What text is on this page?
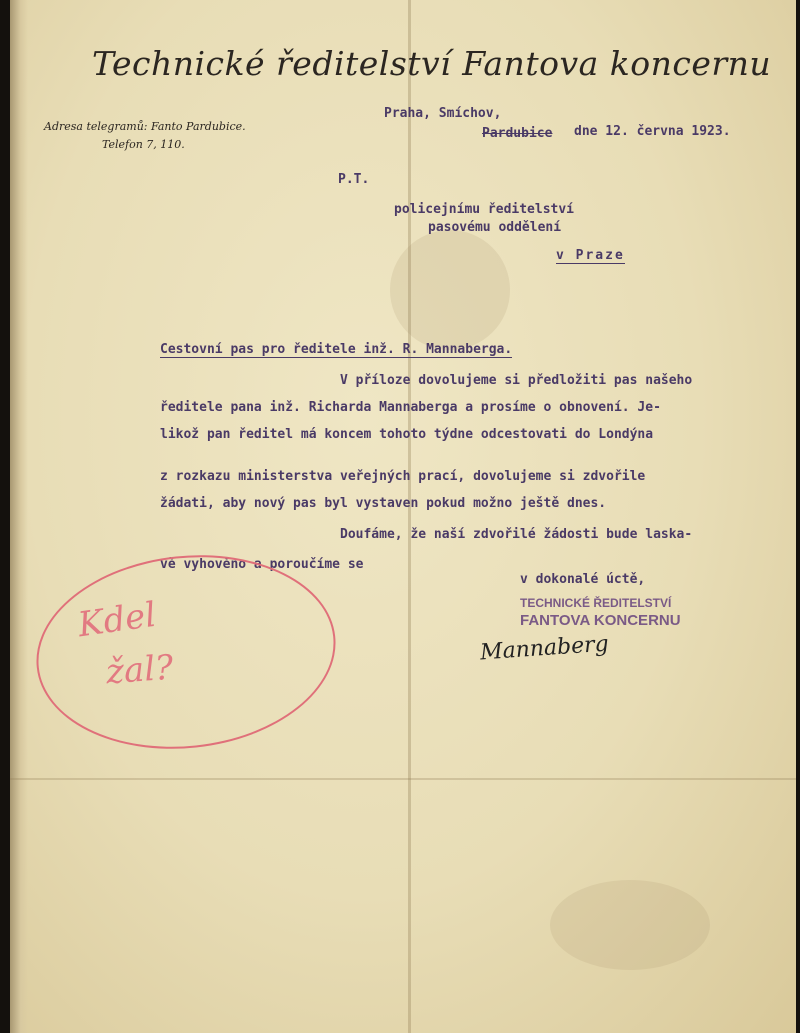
Technické ředitelství Fantova koncernu
Adresa telegramů: Fanto Pardubice.
Telefon 7, 110.
Praha, Smíchov,
Pardubice dne 12. června 1923.
P.T.
policejnímu ředitelství
pasovému oddělení
v Praze
Cestovní pas pro ředitele inž. R. Mannaberga.
V příloze dovolujeme si předložiti pas našeho
ředitele pana inž. Richarda Mannaberga a prosíme o obnovení. Je-
likož pan ředitel má koncem tohoto týdne odcestovati do Londýna
z rozkazu ministerstva veřejných prací, dovolujeme si zdvořile
žádati, aby nový pas byl vystaven pokud možno ještě dnes.
Doufáme, že naší zdvořilé žádosti bude laska-
vě vyhověno a poroučíme se
v dokonalé úctě,
TECHNICKÉ ŘEDITELSTVÍ
FANTOVA KONCERNU
Mannaberg
Kdel
žal?
